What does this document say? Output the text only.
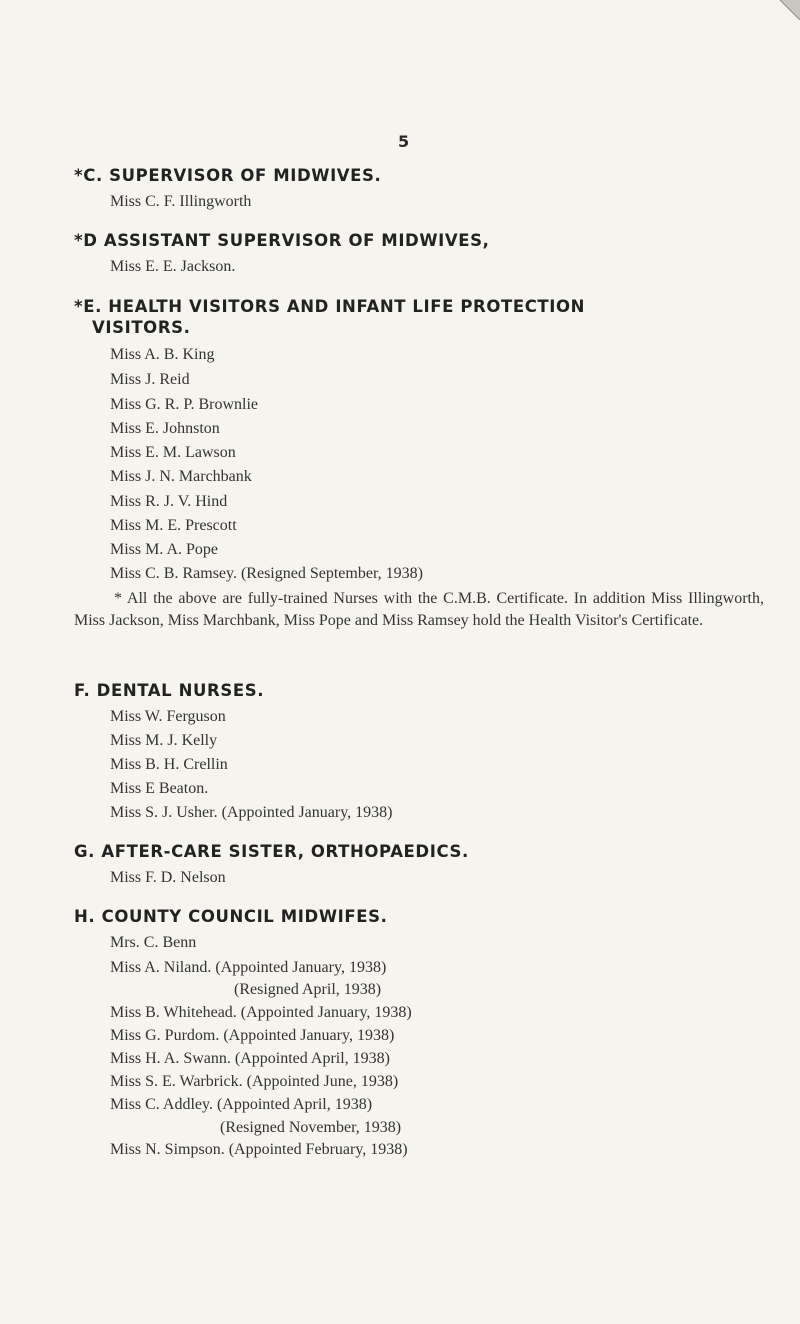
5
*C. SUPERVISOR OF MIDWIVES.
Miss C. F. Illingworth
*D ASSISTANT SUPERVISOR OF MIDWIVES,
Miss E. E. Jackson.
*E. HEALTH VISITORS AND INFANT LIFE PROTECTION
VISITORS.
Miss A. B. King
Miss J. Reid
Miss G. R. P. Brownlie
Miss E. Johnston
Miss E. M. Lawson
Miss J. N. Marchbank
Miss R. J. V. Hind
Miss M. E. Prescott
Miss M. A. Pope
Miss C. B. Ramsey. (Resigned September, 1938)
* All the above are fully-trained Nurses with the C.M.B. Certificate. In addition Miss Illingworth, Miss Jackson, Miss Marchbank, Miss Pope and Miss Ramsey hold the Health Visitor's Certificate.
F. DENTAL NURSES.
Miss W. Ferguson
Miss M. J. Kelly
Miss B. H. Crellin
Miss E Beaton.
Miss S. J. Usher. (Appointed January, 1938)
G. AFTER-CARE SISTER, ORTHOPAEDICS.
Miss F. D. Nelson
H. COUNTY COUNCIL MIDWIFES.
Mrs. C. Benn
Miss A. Niland. (Appointed January, 1938)
(Resigned April, 1938)
Miss B. Whitehead. (Appointed January, 1938)
Miss G. Purdom. (Appointed January, 1938)
Miss H. A. Swann. (Appointed April, 1938)
Miss S. E. Warbrick. (Appointed June, 1938)
Miss C. Addley. (Appointed April, 1938)
(Resigned November, 1938)
Miss N. Simpson. (Appointed February, 1938)
